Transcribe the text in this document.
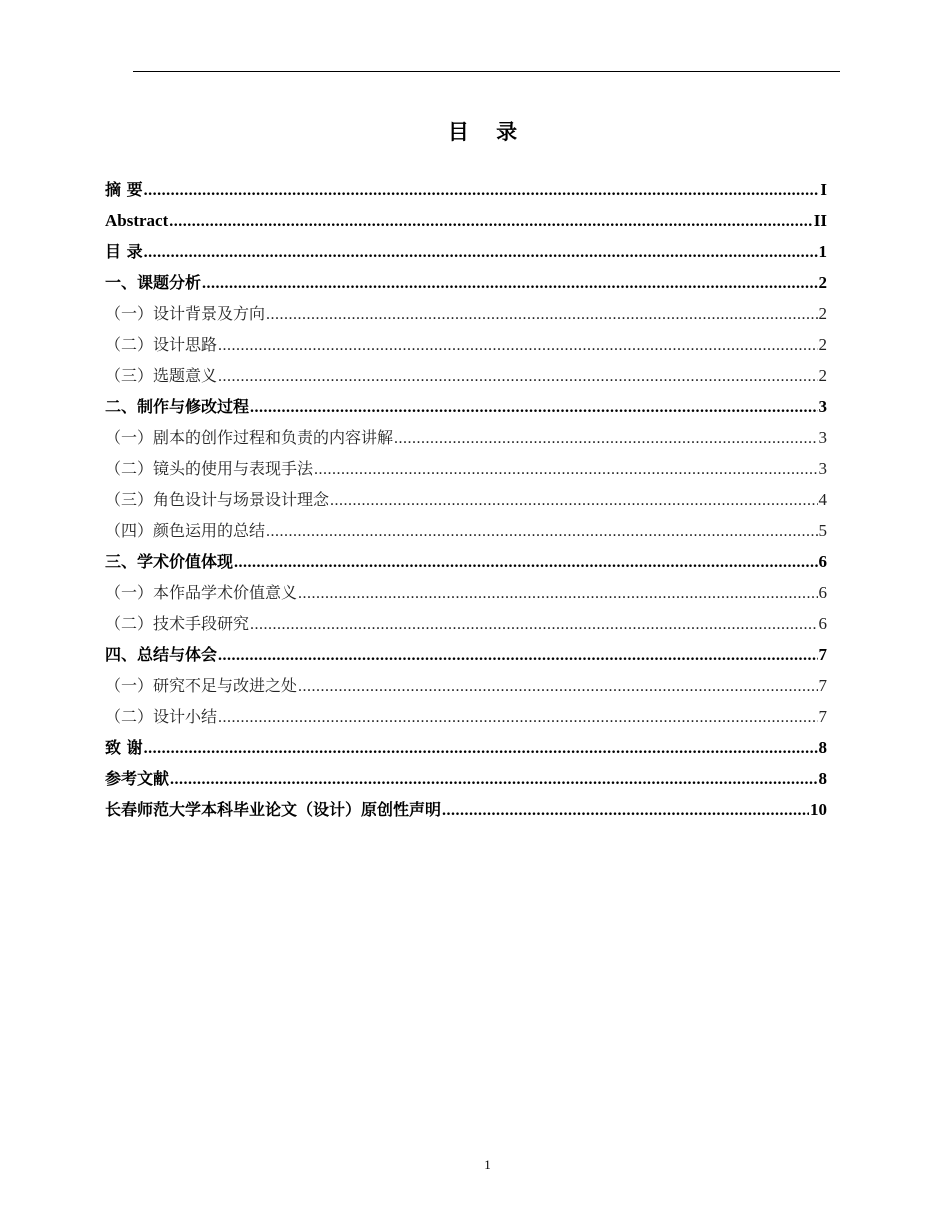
目 录
摘 要 .....	I
Abstract .....	II
目 录 .....	1
一、课题分析 .....	2
（一）设计背景及方向 .....	2
（二）设计思路 .....	2
（三）选题意义 .....	2
二、制作与修改过程 .....	3
（一）剧本的创作过程和负责的内容讲解 .....	3
（二）镜头的使用与表现手法 .....	3
（三）角色设计与场景设计理念 .....	4
（四）颜色运用的总结 .....	5
三、学术价值体现 .....	6
（一）本作品学术价值意义 .....	6
（二）技术手段研究 .....	6
四、总结与体会 .....	7
（一）研究不足与改进之处 .....	7
（二）设计小结 .....	7
致 谢 .....	8
参考文献 .....	8
长春师范大学本科毕业论文（设计）原创性声明 .....	10
1
